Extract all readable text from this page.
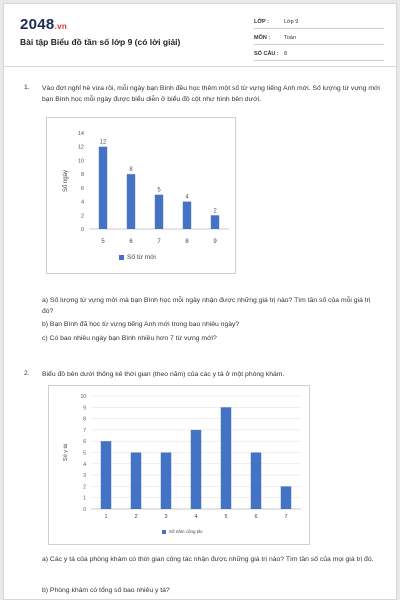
2048.vn
Bài tập Biểu đồ tần số lớp 9 (có lời giải)
LỚP :	Lớp 9
MÔN :	Toán
SỐ CÂU : 8
1. Vào đợt nghỉ hè vừa rồi, mỗi ngày bạn Bình đều học thêm một số từ vựng tiếng Anh mới. Số lượng từ vựng mới bạn Bình học mỗi ngày được biểu diễn ở biểu đồ cột như hình bên dưới.
0
2
4
6
8
10
12
14
Số ngày
12
5
8
6
5
7
4
8
2
9
Số từ mới
a) Số lượng từ vựng mới mà bạn Bình học mỗi ngày nhận được những giá trị nào? Tìm tần số của mỗi giá trị đó?
b) Bạn Bình đã học từ vựng tiếng Anh mới trong bao nhiêu ngày?
c) Có bao nhiêu ngày bạn Bình nhiều hơn 7 từ vựng mới?
2. Biểu đồ bên dưới thống kê thời gian (theo năm) của các y tá ở một phòng khám.
0
1
2
3
4
5
6
7
8
9
10
Số y tá
1	2	3	4	5	6	7
Số năm công tác
a) Các y tá của phòng khám có thời gian công tác nhận được những giá trị nào? Tìm tần số của mọi giá trị đó.
b) Phòng khám có tổng số bao nhiêu y tá?
